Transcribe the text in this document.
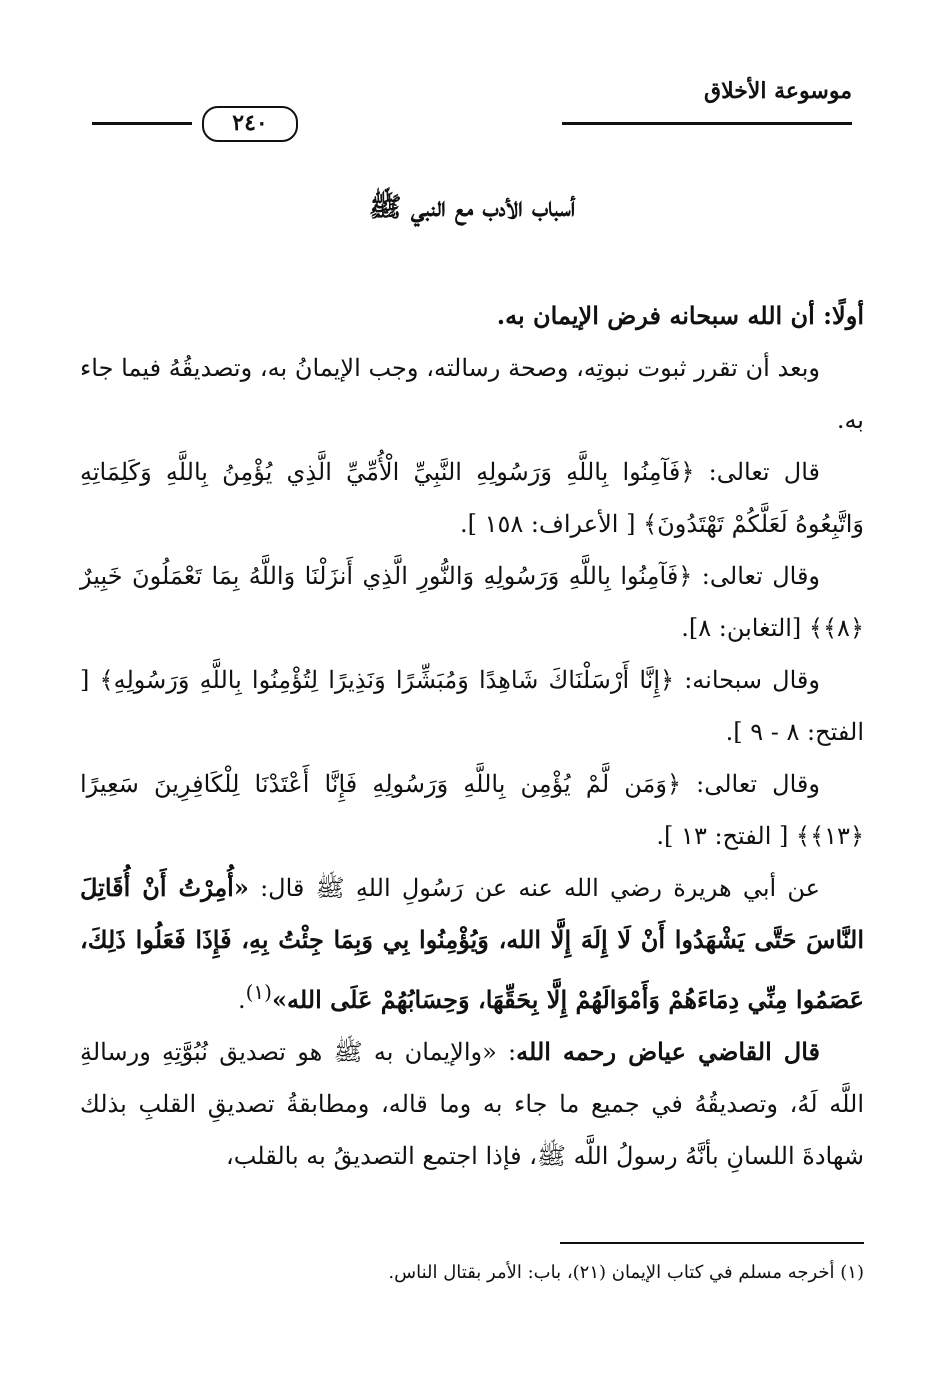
موسوعة الأخلاق
٢٤٠
أسباب الأدب مع النبي ﷺ

أولًا: أن الله سبحانه فرض الإيمان به.

وبعد أن تقرر ثبوت نبوتِه، وصحة رسالته، وجب الإيمانُ به، وتصديقُهُ فيما جاء به.

قال تعالى: ﴿فَآمِنُوا بِاللَّهِ وَرَسُولِهِ النَّبِيِّ الْأُمِّيِّ الَّذِي يُؤْمِنُ بِاللَّهِ وَكَلِمَاتِهِ وَاتَّبِعُوهُ لَعَلَّكُمْ تَهْتَدُونَ﴾ [ الأعراف: ١٥٨ ].

وقال تعالى: ﴿فَآمِنُوا بِاللَّهِ وَرَسُولِهِ وَالنُّورِ الَّذِي أَنزَلْنَا وَاللَّهُ بِمَا تَعْمَلُونَ خَبِيرٌ ﴿٨﴾﴾ [التغابن: ٨].

وقال سبحانه: ﴿إِنَّا أَرْسَلْنَاكَ شَاهِدًا وَمُبَشِّرًا وَنَذِيرًا لِتُؤْمِنُوا بِاللَّهِ وَرَسُولِهِ﴾ [ الفتح: ٨ - ٩ ].

وقال تعالى: ﴿وَمَن لَّمْ يُؤْمِن بِاللَّهِ وَرَسُولِهِ فَإِنَّا أَعْتَدْنَا لِلْكَافِرِينَ سَعِيرًا ﴿١٣﴾﴾ [ الفتح: ١٣ ].

عن أبي هريرة رضي الله عنه عن رَسُولِ اللهِ ﷺ قال: «أُمِرْتُ أَنْ أُقَاتِلَ النَّاسَ حَتَّى يَشْهَدُوا أَنْ لَا إِلَهَ إِلَّا الله، وَيُؤْمِنُوا بِي وَبِمَا جِئْتُ بِهِ، فَإِذَا فَعَلُوا ذَلِكَ، عَصَمُوا مِنِّي دِمَاءَهُمْ وَأَمْوَالَهُمْ إِلَّا بِحَقِّهَا، وَحِسَابُهُمْ عَلَى الله»$^{(١)}$.

قال القاضي عياض رحمه الله: «والإيمان به ﷺ هو تصديق نُبُوَّتِهِ ورسالةِ اللَّه لَهُ، وتصديقُهُ في جميع ما جاء به وما قاله، ومطابقةُ تصديقِ القلبِ بذلك شهادةَ اللسانِ بأنَّهُ رسولُ اللَّه ﷺ، فإذا اجتمع التصديقُ به بالقلب،

(١) أخرجه مسلم في كتاب الإيمان (٢١)، باب: الأمر بقتال الناس.
